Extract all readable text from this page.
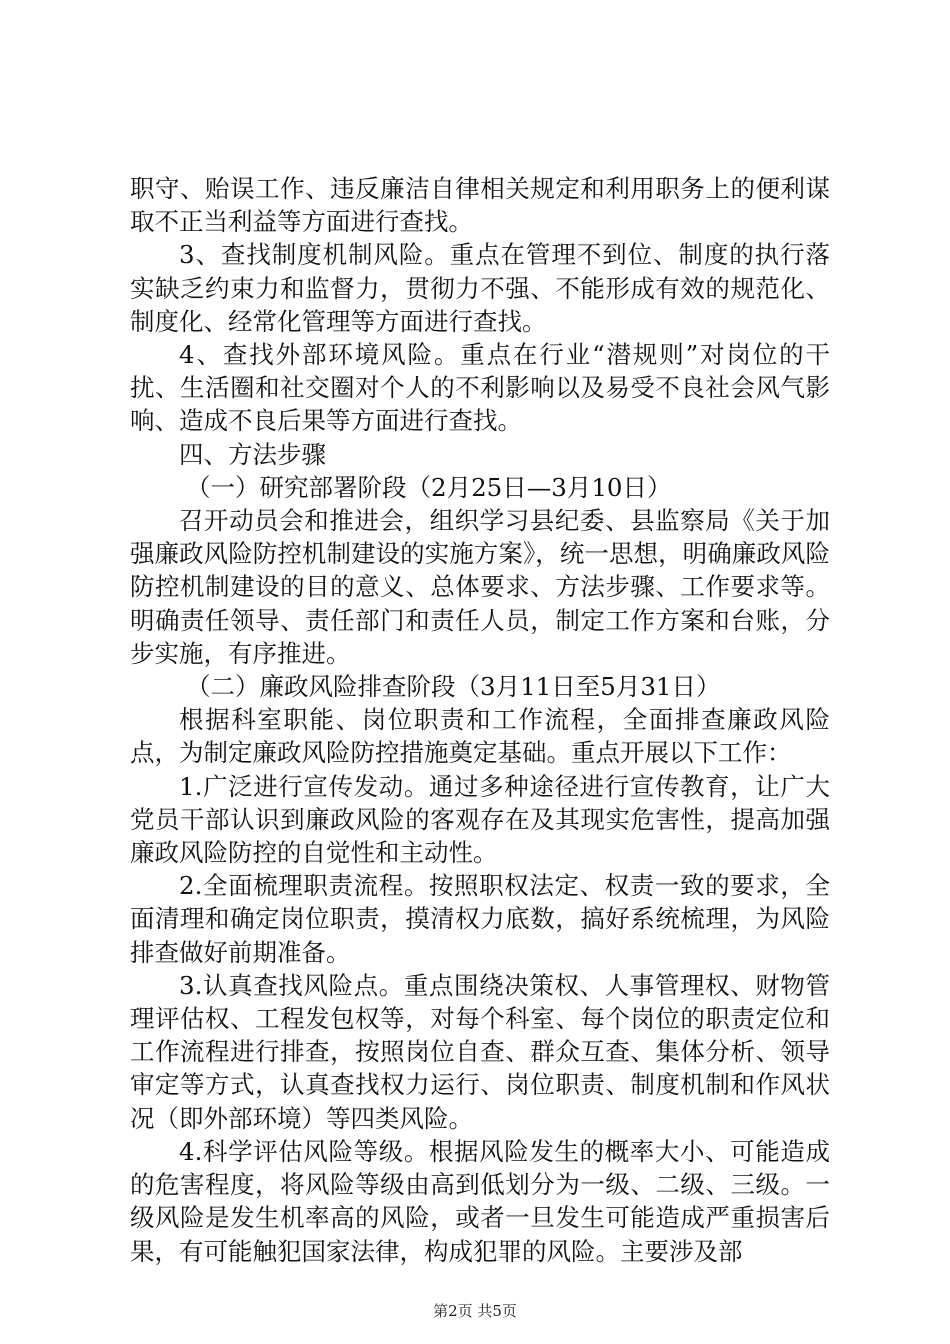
职守、贻误工作、违反廉洁自律相关规定和利用职务上的便利谋取不正当利益等方面进行查找。

3、查找制度机制风险。重点在管理不到位、制度的执行落实缺乏约束力和监督力，贯彻力不强、不能形成有效的规范化、制度化、经常化管理等方面进行查找。

4、查找外部环境风险。重点在行业“潜规则”对岗位的干扰、生活圈和社交圈对个人的不利影响以及易受不良社会风气影响、造成不良后果等方面进行查找。

四、方法步骤

（一）研究部署阶段（2月25日—3月10日）

召开动员会和推进会，组织学习县纪委、县监察局《关于加强廉政风险防控机制建设的实施方案》，统一思想，明确廉政风险防控机制建设的目的意义、总体要求、方法步骤、工作要求等。明确责任领导、责任部门和责任人员，制定工作方案和台账，分步实施，有序推进。

（二）廉政风险排查阶段（3月11日至5月31日）

根据科室职能、岗位职责和工作流程，全面排查廉政风险点，为制定廉政风险防控措施奠定基础。重点开展以下工作：

1.广泛进行宣传发动。通过多种途径进行宣传教育，让广大党员干部认识到廉政风险的客观存在及其现实危害性，提高加强廉政风险防控的自觉性和主动性。

2.全面梳理职责流程。按照职权法定、权责一致的要求，全面清理和确定岗位职责，摸清权力底数，搞好系统梳理，为风险排查做好前期准备。

3.认真查找风险点。重点围绕决策权、人事管理权、财物管理评估权、工程发包权等，对每个科室、每个岗位的职责定位和工作流程进行排查，按照岗位自查、群众互查、集体分析、领导审定等方式，认真查找权力运行、岗位职责、制度机制和作风状况（即外部环境）等四类风险。

4.科学评估风险等级。根据风险发生的概率大小、可能造成的危害程度，将风险等级由高到低划分为一级、二级、三级。一级风险是发生机率高的风险，或者一旦发生可能造成严重损害后果，有可能触犯国家法律，构成犯罪的风险。主要涉及部

第2页 共5页
